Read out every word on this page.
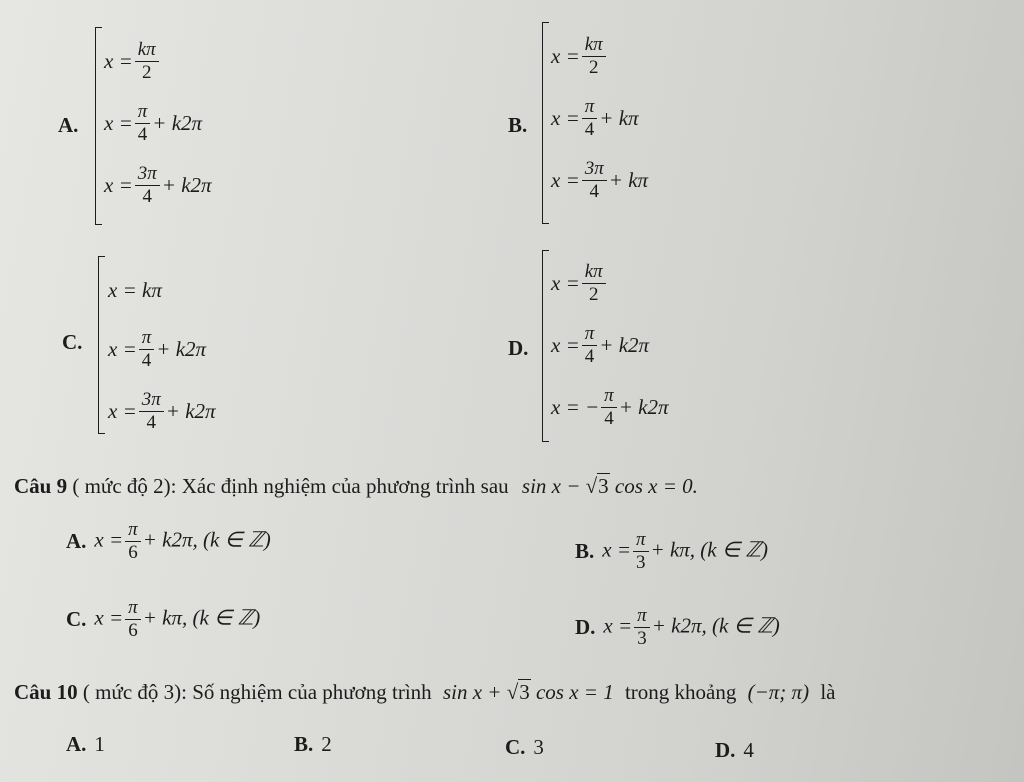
A.
$x = \frac{k\pi}{2}$
$x = \frac{\pi}{4} + k2\pi$
$x = \frac{3\pi}{4} + k2\pi$
B.
$x = \frac{k\pi}{2}$
$x = \frac{\pi}{4} + k\pi$
$x = \frac{3\pi}{4} + k\pi$
C.
x = kπ
$x = \frac{\pi}{4} + k2\pi$
$x = \frac{3\pi}{4} + k2\pi$
D.
$x = \frac{k\pi}{2}$
$x = \frac{\pi}{4} + k2\pi$
x = − $\frac{\pi}{4} + k2\pi$
Câu 9 ( mức độ 2): Xác định nghiệm của phương trình sau sin x − √3 cos x = 0.
A. $x = \frac{\pi}{6} + k2\pi$, (k ∈ ℤ)	B. $x = \frac{\pi}{3} + k\pi$, (k ∈ ℤ)
C. $x = \frac{\pi}{6} + k\pi$, (k ∈ ℤ)	D. $x = \frac{\pi}{3} + k2\pi$, (k ∈ ℤ)
Câu 10 ( mức độ 3): Số nghiệm của phương trình sin x + √3 cos x = 1 trong khoảng (−π; π) là
A. 1	B. 2	C. 3	D. 4
